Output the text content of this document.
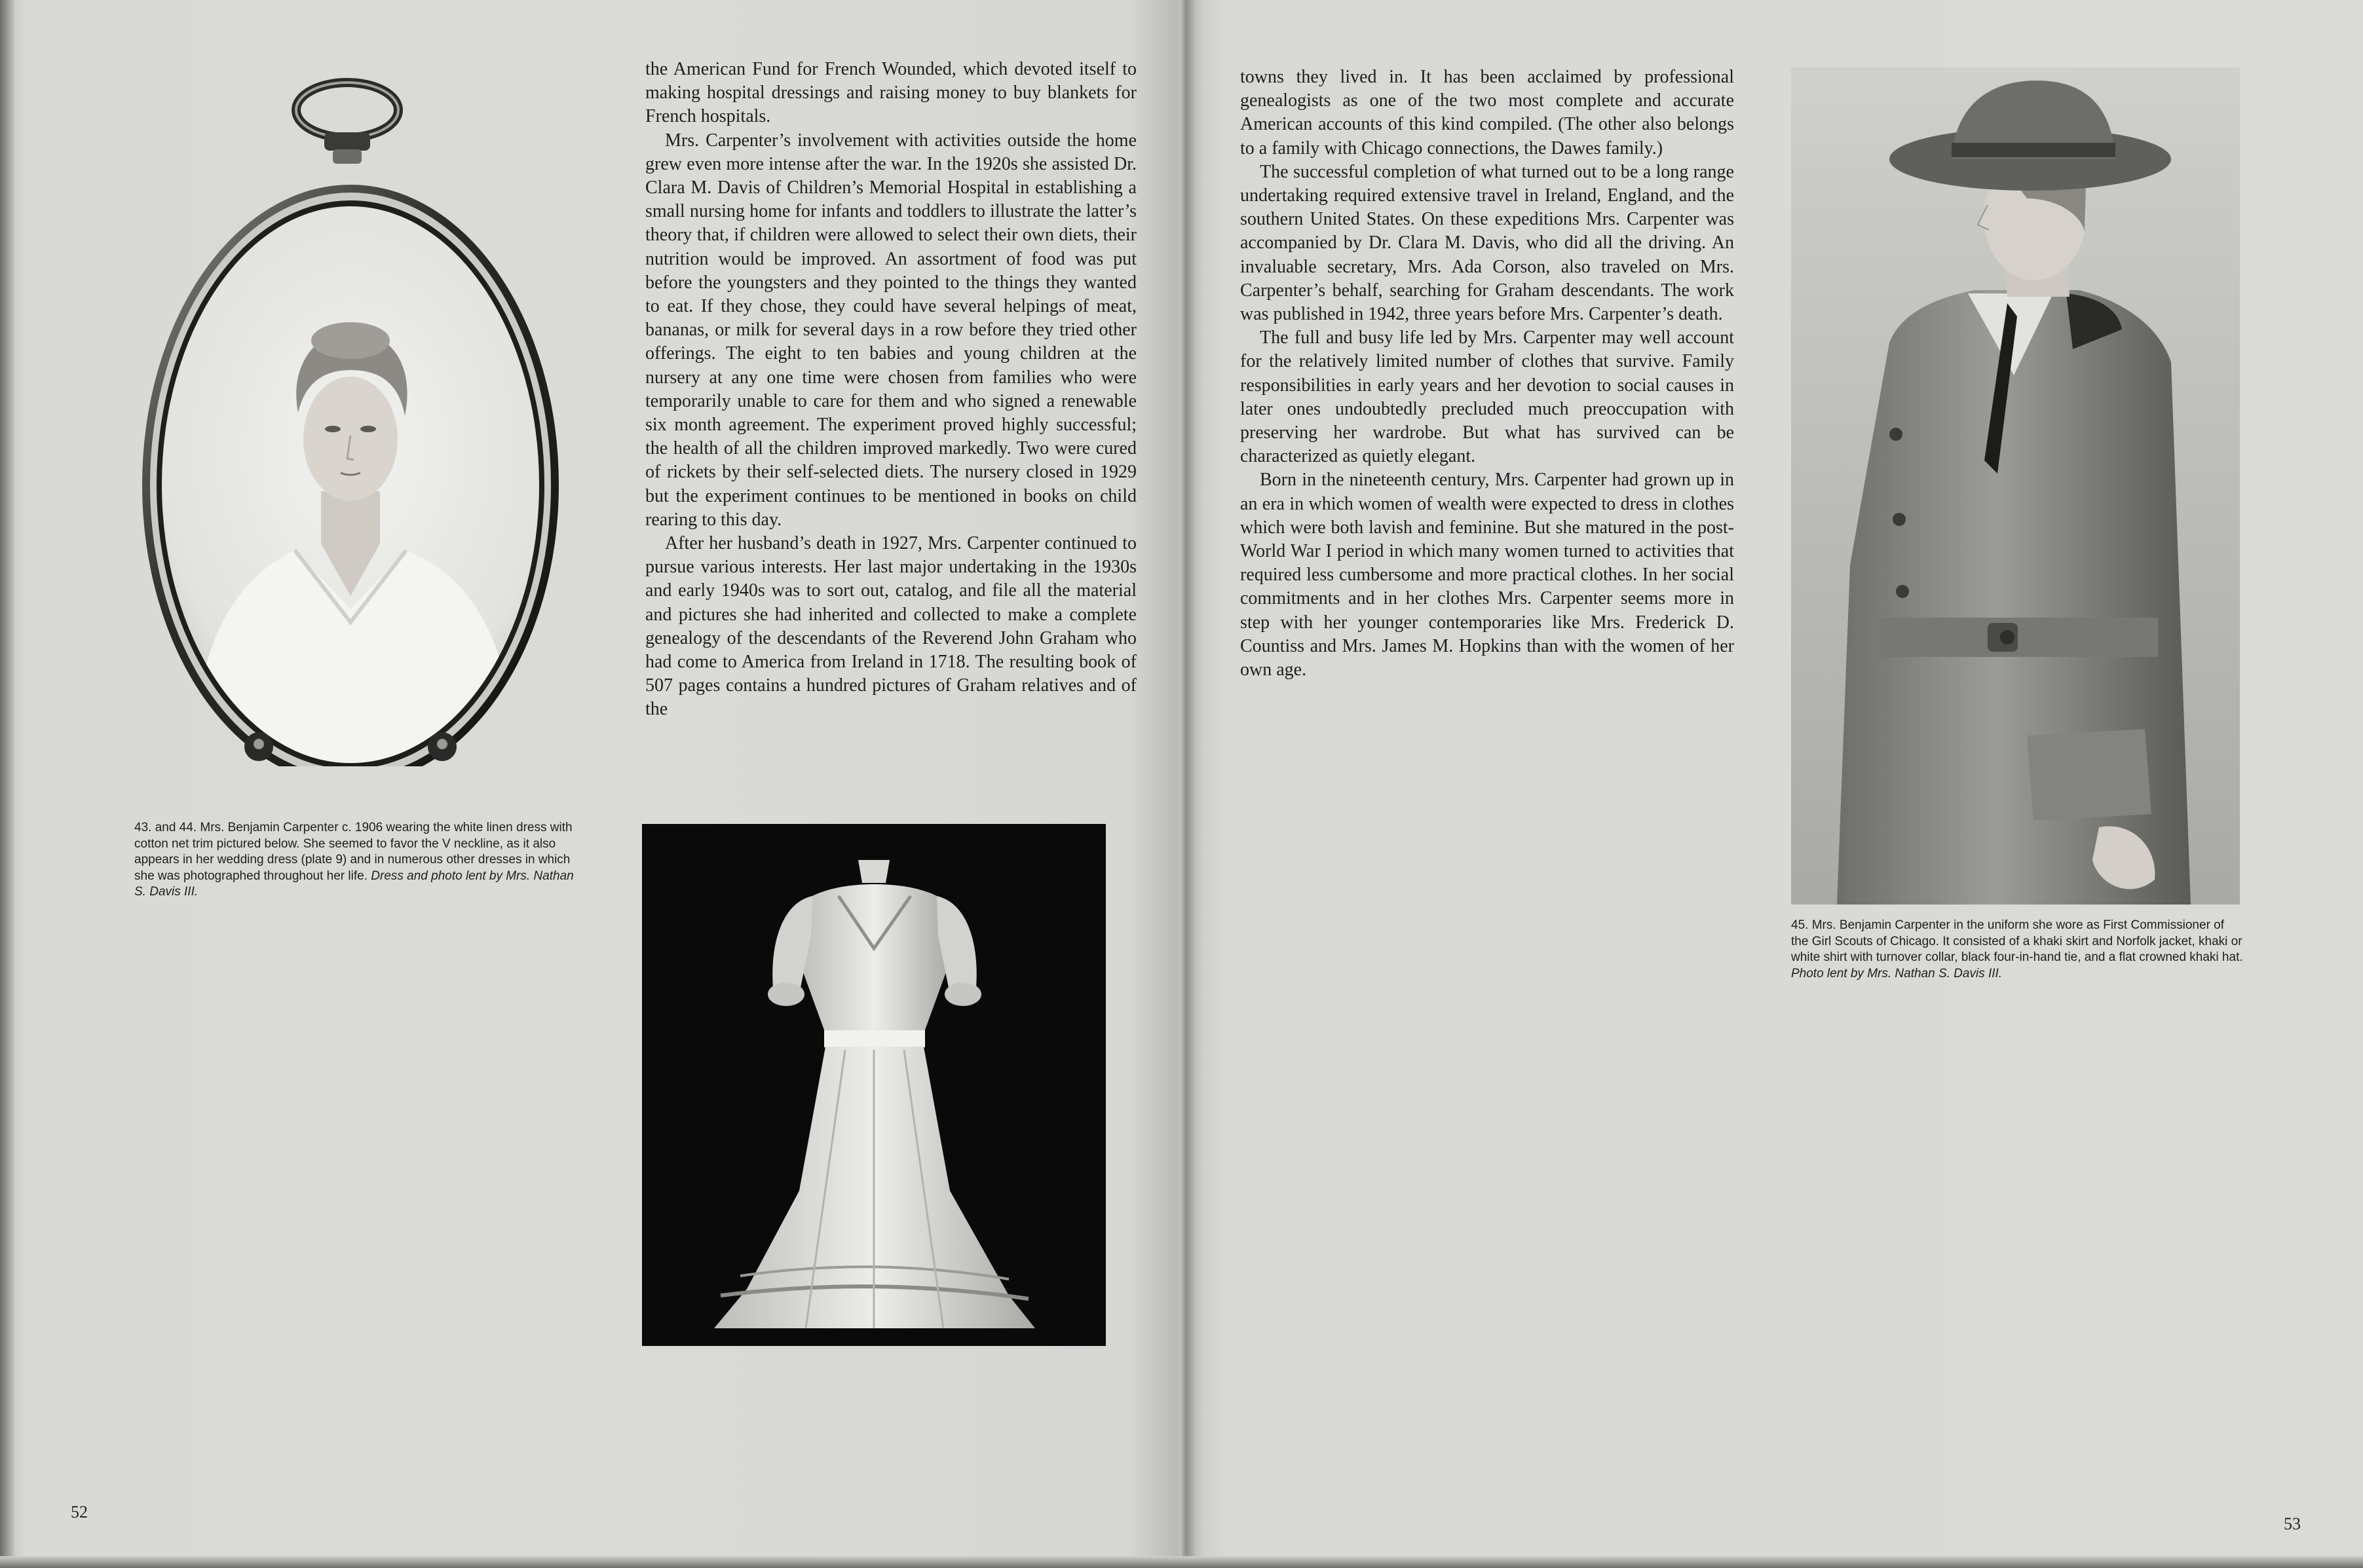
the American Fund for French Wounded, which devoted itself to making hospital dressings and raising money to buy blankets for French hospitals.

Mrs. Carpenter’s involvement with activities outside the home grew even more intense after the war. In the 1920s she assisted Dr. Clara M. Davis of Children’s Memorial Hospital in establishing a small nursing home for infants and toddlers to illustrate the latter’s theory that, if children were allowed to select their own diets, their nutrition would be improved. An assortment of food was put before the youngsters and they pointed to the things they wanted to eat. If they chose, they could have several helpings of meat, bananas, or milk for several days in a row before they tried other offerings. The eight to ten babies and young children at the nursery at any one time were chosen from families who were temporarily unable to care for them and who signed a renewable six month agreement. The experiment proved highly successful; the health of all the children improved markedly. Two were cured of rickets by their self-selected diets. The nursery closed in 1929 but the experiment continues to be mentioned in books on child rearing to this day.

After her husband’s death in 1927, Mrs. Carpenter continued to pursue various interests. Her last major undertaking in the 1930s and early 1940s was to sort out, catalog, and file all the material and pictures she had inherited and collected to make a complete genealogy of the descendants of the Reverend John Graham who had come to America from Ireland in 1718. The resulting book of 507 pages contains a hundred pictures of Graham relatives and of the

43. and 44. Mrs. Benjamin Carpenter c. 1906 wearing the white linen dress with cotton net trim pictured below. She seemed to favor the V neckline, as it also appears in her wedding dress (plate 9) and in numerous other dresses in which she was photographed throughout her life. Dress and photo lent by Mrs. Nathan S. Davis III.
52

towns they lived in. It has been acclaimed by professional genealogists as one of the two most complete and accurate American accounts of this kind compiled. (The other also belongs to a family with Chicago connections, the Dawes family.)

The successful completion of what turned out to be a long range undertaking required extensive travel in Ireland, England, and the southern United States. On these expeditions Mrs. Carpenter was accompanied by Dr. Clara M. Davis, who did all the driving. An invaluable secretary, Mrs. Ada Corson, also traveled on Mrs. Carpenter’s behalf, searching for Graham descendants. The work was published in 1942, three years before Mrs. Carpenter’s death.

The full and busy life led by Mrs. Carpenter may well account for the relatively limited number of clothes that survive. Family responsibilities in early years and her devotion to social causes in later ones undoubtedly precluded much preoccupation with preserving her wardrobe. But what has survived can be characterized as quietly elegant.

Born in the nineteenth century, Mrs. Carpenter had grown up in an era in which women of wealth were expected to dress in clothes which were both lavish and feminine. But she matured in the post-World War I period in which many women turned to activities that required less cumbersome and more practical clothes. In her social commitments and in her clothes Mrs. Carpenter seems more in step with her younger contemporaries like Mrs. Frederick D. Countiss and Mrs. James M. Hopkins than with the women of her own age.

45. Mrs. Benjamin Carpenter in the uniform she wore as First Commissioner of the Girl Scouts of Chicago. It consisted of a khaki skirt and Norfolk jacket, khaki or white shirt with turnover collar, black four-in-hand tie, and a flat crowned khaki hat. Photo lent by Mrs. Nathan S. Davis III.
53
